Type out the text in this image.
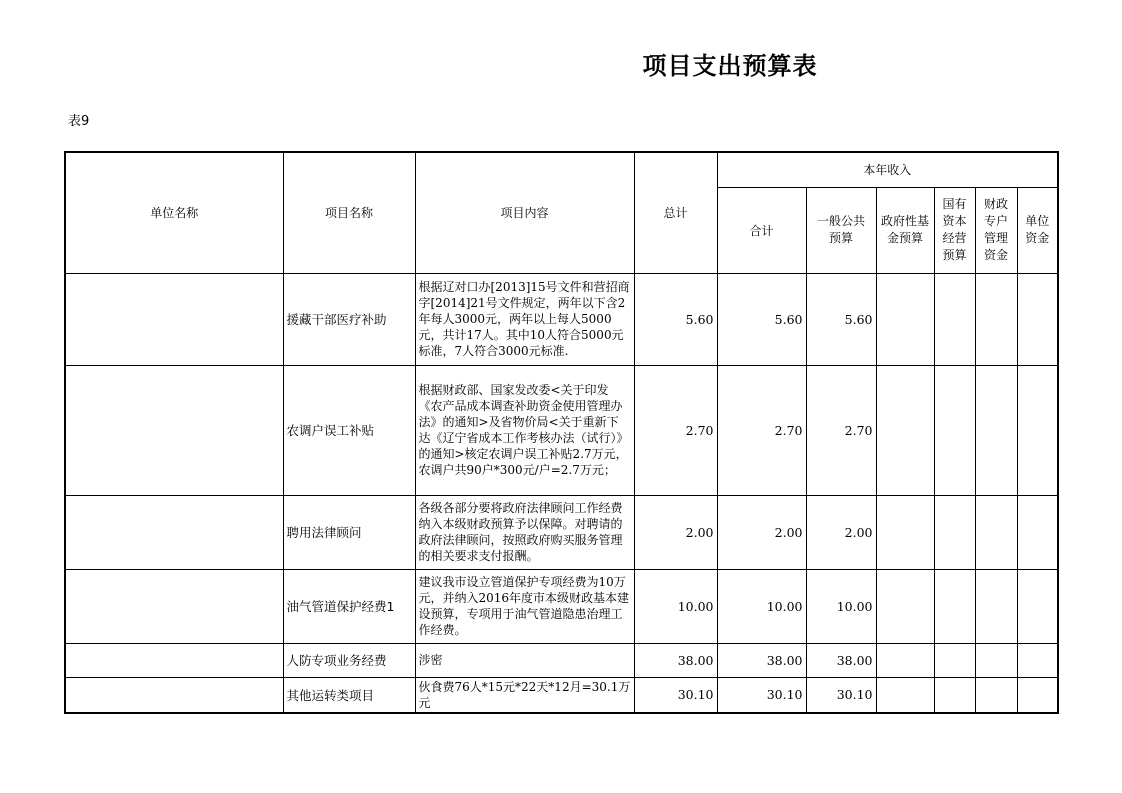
项目支出预算表
表9
单位名称	项目名称	项目内容	总计	本年收入					
				合计	一般公共预算	政府性基金预算	国有资本经营预算	财政专户管理资金	单位资金
	援藏干部医疗补助	根据辽对口办[2013]15号文件和营招商字[2014]21号文件规定，两年以下含2年每人3000元，两年以上每人5000元，共计17人。其中10人符合5000元标准，7人符合3000元标准.	5.60	5.60	5.60				
	农调户误工补贴	根据财政部、国家发改委<关于印发《农产品成本调查补助资金使用管理办法》的通知>及省物价局<关于重新下达《辽宁省成本工作考核办法（试行）》的通知>核定农调户误工补贴2.7万元，农调户共90户*300元/户=2.7万元；	2.70	2.70	2.70				
	聘用法律顾问	各级各部分要将政府法律顾问工作经费纳入本级财政预算予以保障。对聘请的政府法律顾问，按照政府购买服务管理的相关要求支付报酬。	2.00	2.00	2.00				
	油气管道保护经费1	建议我市设立管道保护专项经费为10万元，并纳入2016年度市本级财政基本建设预算，专项用于油气管道隐患治理工作经费。	10.00	10.00	10.00				
	人防专项业务经费	涉密	38.00	38.00	38.00				
	其他运转类项目	伙食费76人*15元*22天*12月=30.1万元	30.10	30.10	30.10				
